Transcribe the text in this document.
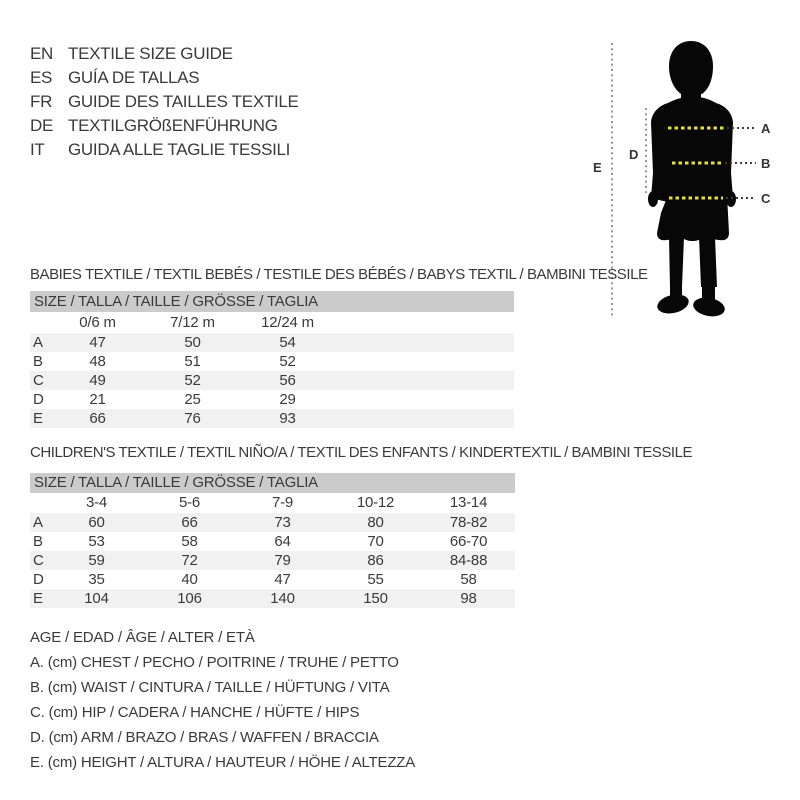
EN TEXTILE SIZE GUIDE
ES GUÍA DE TALLAS
FR GUIDE DES TAILLES TEXTILE
DE TEXTILGRÖßENFÜHRUNG
IT GUIDA ALLE TAGLIE TESSILI
A
B
C
D
E
BABIES TEXTILE / TEXTIL BEBÉS / TESTILE DES BÉBÉS / BABYS TEXTIL / BAMBINI TESSILE
SIZE / TALLA / TAILLE / GRÖSSE / TAGLIA				
	0/6 m	7/12 m	12/24 m	
A	47	50	54	
B	48	51	52	
C	49	52	56	
D	21	25	29	
E	66	76	93	
CHILDREN'S TEXTILE / TEXTIL NIÑO/A / TEXTIL DES ENFANTS / KINDERTEXTIL / BAMBINI TESSILE
SIZE / TALLA / TAILLE / GRÖSSE / TAGLIA					
	3-4	5-6	7-9	10-12	13-14
A	60	66	73	80	78-82
B	53	58	64	70	66-70
C	59	72	79	86	84-88
D	35	40	47	55	58
E	104	106	140	150	98
AGE / EDAD / ÂGE / ALTER / ETÀ
A. (cm) CHEST / PECHO / POITRINE / TRUHE / PETTO
B. (cm) WAIST / CINTURA / TAILLE / HÜFTUNG / VITA
C. (cm) HIP / CADERA / HANCHE / HÜFTE / HIPS
D. (cm) ARM / BRAZO / BRAS / WAFFEN / BRACCIA
E. (cm) HEIGHT / ALTURA / HAUTEUR / HÖHE / ALTEZZA
